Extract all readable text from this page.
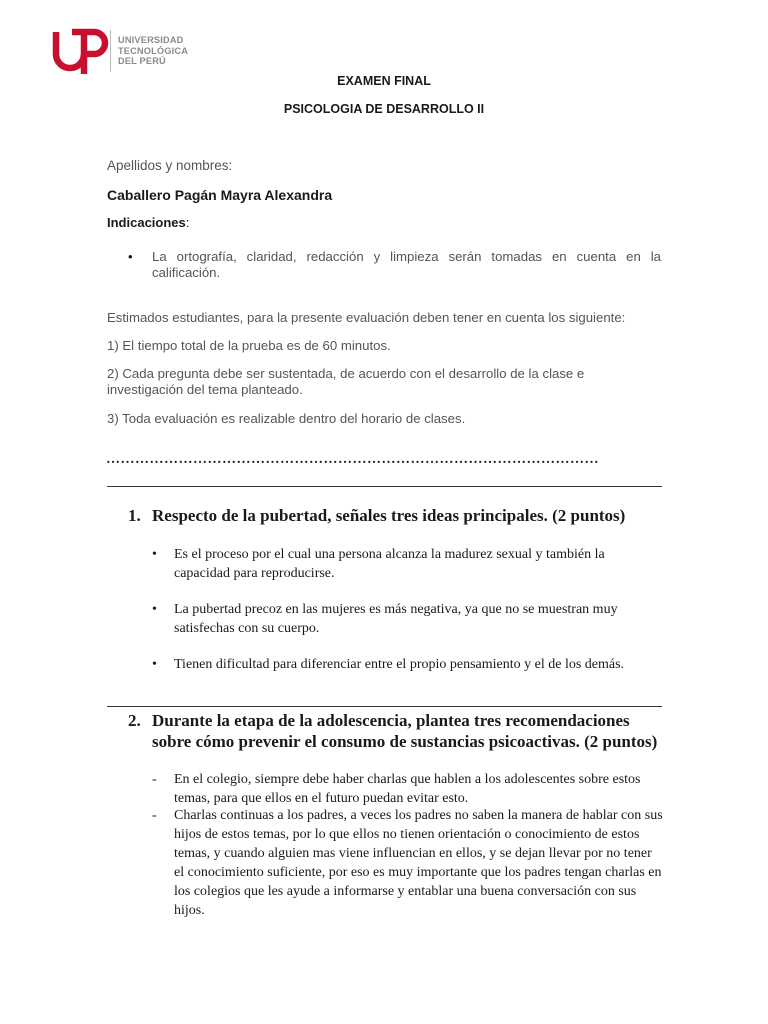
UNIVERSIDAD
TECNOLÓGICA
DEL PERÚ
EXAMEN FINAL
PSICOLOGIA DE DESARROLLO II
Apellidos y nombres:
Caballero Pagán Mayra Alexandra
Indicaciones:
• La ortografía, claridad, redacción y limpieza serán tomadas en cuenta en la calificación.
Estimados estudiantes, para la presente evaluación deben tener en cuenta los siguiente:
1) El tiempo total de la prueba es de 60 minutos.
2) Cada pregunta debe ser sustentada, de acuerdo con el desarrollo de la clase e investigación del tema planteado.
3) Toda evaluación es realizable dentro del horario de clases.
…………………………………………………………………………………………
1. Respecto de la pubertad, señales tres ideas principales. (2 puntos)
• Es el proceso por el cual una persona alcanza la madurez sexual y también la capacidad para reproducirse.
• La pubertad precoz en las mujeres es más negativa, ya que no se muestran muy satisfechas con su cuerpo.
• Tienen dificultad para diferenciar entre el propio pensamiento y el de los demás.
2. Durante la etapa de la adolescencia, plantea tres recomendaciones sobre cómo prevenir el consumo de sustancias psicoactivas. (2 puntos)
- En el colegio, siempre debe haber charlas que hablen a los adolescentes sobre estos temas, para que ellos en el futuro puedan evitar esto.
- Charlas continuas a los padres, a veces los padres no saben la manera de hablar con sus hijos de estos temas, por lo que ellos no tienen orientación o conocimiento de estos temas, y cuando alguien mas viene influencian en ellos, y se dejan llevar por no tener el conocimiento suficiente, por eso es muy importante que los padres tengan charlas en los colegios que les ayude a informarse y entablar una buena conversación con sus hijos.
